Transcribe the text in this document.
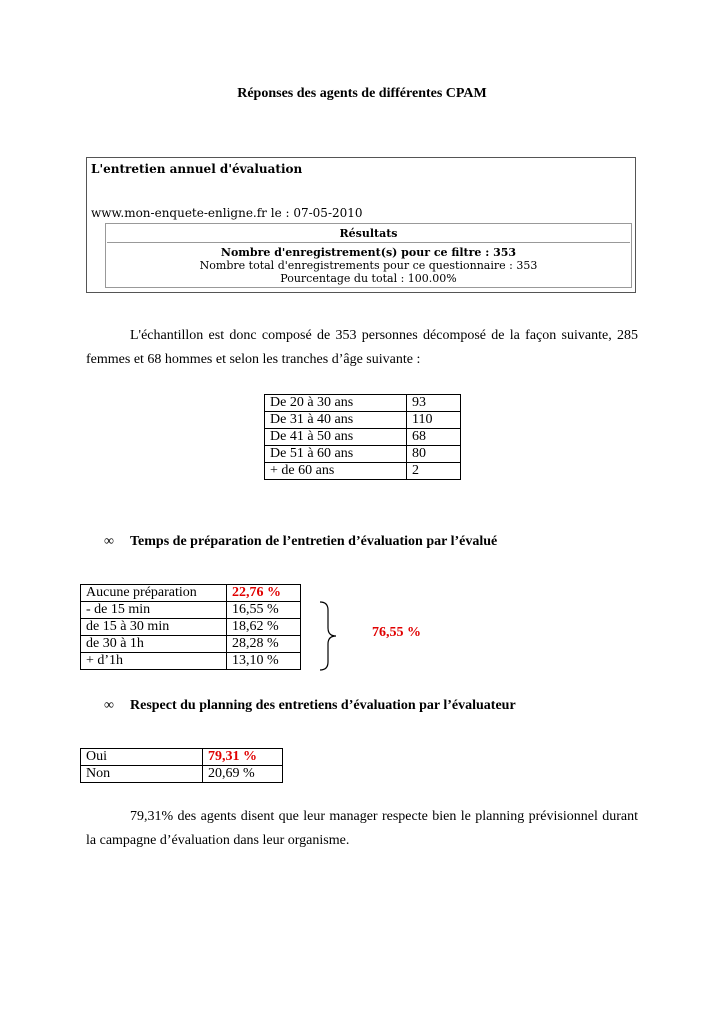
Réponses des agents de différentes CPAM
L'entretien annuel d'évaluation
www.mon-enquete-enligne.fr le : 07-05-2010
Résultats
Nombre d'enregistrement(s) pour ce filtre : 353
Nombre total d'enregistrements pour ce questionnaire : 353
Pourcentage du total : 100.00%
L'échantillon est donc composé de 353 personnes décomposé de la façon suivante, 285 femmes et 68 hommes et selon les tranches d’âge suivante :
De 20 à 30 ans	93
De 31 à 40 ans	110
De 41 à 50 ans	68
De 51 à 60 ans	80
+ de 60 ans	2
∞ Temps de préparation de l’entretien d’évaluation par l’évalué
Aucune préparation	22,76 %
- de 15 min	16,55 %
de 15 à 30 min	18,62 %
de 30 à 1h	28,28 %
+ d’1h	13,10 %
76,55 %
∞ Respect du planning des entretiens d’évaluation par l’évaluateur
Oui	79,31 %
Non	20,69 %
79,31% des agents disent que leur manager respecte bien le planning prévisionnel durant la campagne d’évaluation dans leur organisme.
